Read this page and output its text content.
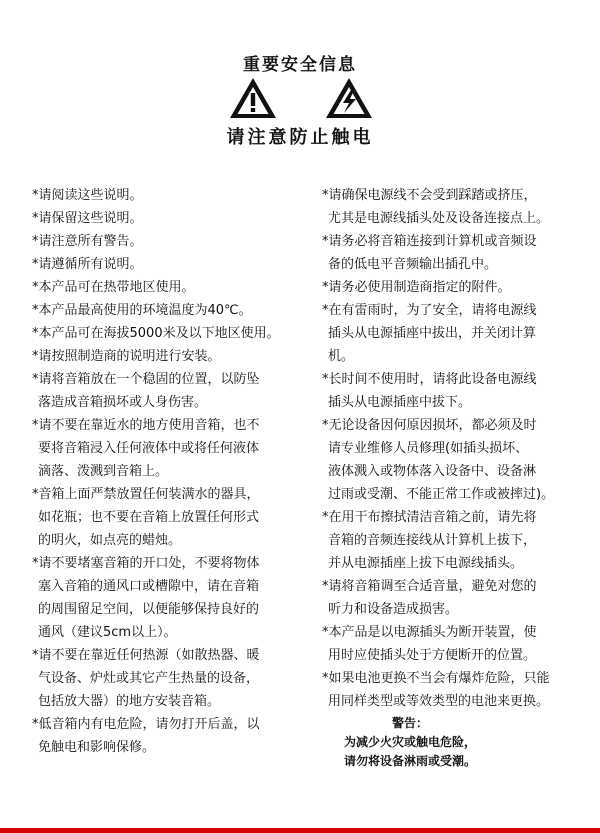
重要安全信息
请注意防止触电
*请阅读这些说明。
*请保留这些说明。
*请注意所有警告。
*请遵循所有说明。
*本产品可在热带地区使用。
*本产品最高使用的环境温度为40℃。
*本产品可在海拔5000米及以下地区使用。
*请按照制造商的说明进行安装。
*请将音箱放在一个稳固的位置，以防坠
落造成音箱损坏或人身伤害。
*请不要在靠近水的地方使用音箱，也不
要将音箱浸入任何液体中或将任何液体
滴落、泼溅到音箱上。
*音箱上面严禁放置任何装满水的器具，
如花瓶；也不要在音箱上放置任何形式
的明火，如点亮的蜡烛。
*请不要堵塞音箱的开口处，不要将物体
塞入音箱的通风口或槽隙中，请在音箱
的周围留足空间，以便能够保持良好的
通风（建议5cm以上）。
*请不要在靠近任何热源（如散热器、暖
气设备、炉灶或其它产生热量的设备，
包括放大器）的地方安装音箱。
*低音箱内有电危险，请勿打开后盖，以
免触电和影响保修。
*请确保电源线不会受到踩踏或挤压，
尤其是电源线插头处及设备连接点上。
*请务必将音箱连接到计算机或音频设
备的低电平音频输出插孔中。
*请务必使用制造商指定的附件。
*在有雷雨时，为了安全，请将电源线
插头从电源插座中拔出，并关闭计算
机。
*长时间不使用时，请将此设备电源线
插头从电源插座中拔下。
*无论设备因何原因损坏，都必须及时
请专业维修人员修理(如插头损坏、
液体溅入或物体落入设备中、设备淋
过雨或受潮、不能正常工作或被摔过)。
*在用干布擦拭清洁音箱之前，请先将
音箱的音频连接线从计算机上拔下，
并从电源插座上拔下电源线插头。
*请将音箱调至合适音量，避免对您的
听力和设备造成损害。
*本产品是以电源插头为断开装置，使
用时应使插头处于方便断开的位置。
*如果电池更换不当会有爆炸危险，只能
用同样类型或等效类型的电池来更换。
警告：
为减少火灾或触电危险，
请勿将设备淋雨或受潮。
